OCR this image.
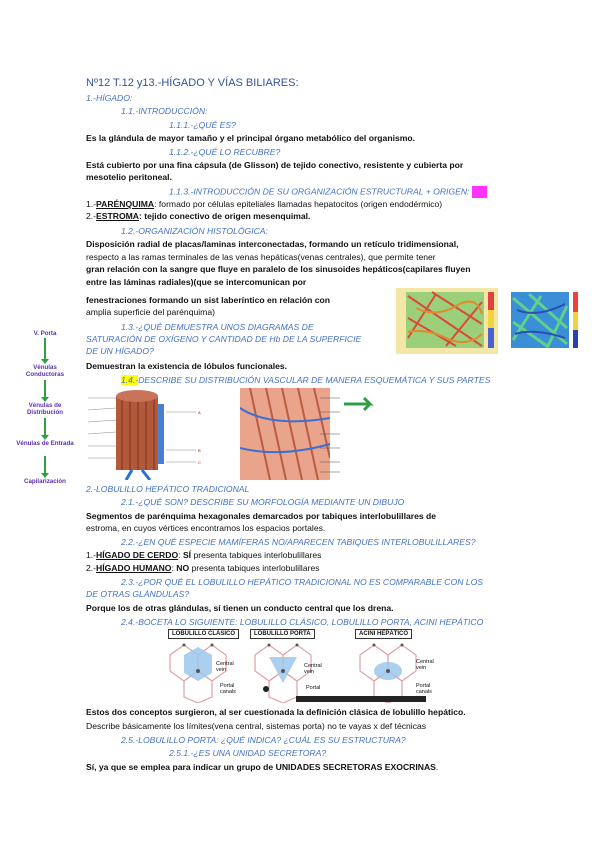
Nº12 T.12 y13.-HÍGADO Y VÍAS BILIARES:
1.-HÍGADO:
1.1.-INTRODUCCIÓN:
1.1.1.-¿QUÉ ES?
Es la glándula de mayor tamaño y el principal órgano metabólico del organismo.
1.1.2.-¿QUÉ LO RECUBRE?
Está cubierto por una fina cápsula (de Glisson) de tejido conectivo, resistente y cubierta por
mesotelio peritoneal.
1.1.3.-INTRODUCCIÓN DE SU ORGANIZACIÓN ESTRUCTURAL + ORIGEN:
1.-PARÉNQUIMA: formado por células epiteliales llamadas hepatocitos (origen endodérmico)
2.-ESTROMA: tejido conectivo de origen mesenquimal.
1.2.-ORGANIZACIÓN HISTOLÓGICA:
Disposición radial de placas/laminas interconectadas, formando un retículo tridimensional,
respecto a las ramas terminales de las venas hepáticas(venas centrales), que permite tener
gran relación con la sangre que fluye en paralelo de los sinusoides hepáticos(capilares fluyen
entre las láminas radiales)(que se intercomunican por
fenestraciones formando un sist laberíntico en relación con
amplia superficie del parénquima)
1.3.-¿QUÉ DEMUESTRA UNOS DIAGRAMAS DE
SATURACIÓN DE OXÍGENO Y CANTIDAD DE Hb DE LA SUPERFICIE
DE UN HÍGADO?
Demuestran la existencia de lóbulos funcionales.
1.4.-DESCRIBE SU DISTRIBUCIÓN VASCULAR DE MANERA ESQUEMÁTICA Y SUS PARTES
V. Porta
Vénulas Conductoras
Vénulas de Distribución
Vénulas de Entrada
Capilarización
A
B
C
2.-LOBULILLO HEPÁTICO TRADICIONAL
2.1.-¿QUÉ SON? DESCRIBE SU MORFOLOGÍA MEDIANTE UN DIBUJO
Segmentos de parénquima hexagonales demarcados por tabiques interlobulillares de
estroma, en cuyos vértices encontramos los espacios portales.
2.2.-¿EN QUÉ ESPECIE MAMÍFERAS NO/APARECEN TABIQUES INTERLOBULILLARES?
1.-HÍGADO DE CERDO: SÍ presenta tabiques interlobulillares
2.-HÍGADO HUMANO: NO presenta tabiques interlobulillares
2.3.-¿POR QUÉ EL LOBULILLO HEPÁTICO TRADICIONAL NO ES COMPARABLE CON LOS
DE OTRAS GLÁNDULAS?
Porque los de otras glándulas, sí tienen un conducto central que los drena.
2.4.-BOCETA LO SIGUIENTE: LOBULILLO CLÁSICO, LOBULILLO PORTA, ACINI HEPÁTICO
LOBULILLO CLÁSICO	LOBULILLO PORTA	ACINI HEPÁTICO
Central vein
Central vein
Central vein
Portal canals
Portal	Portal canals
Estos dos conceptos surgieron, al ser cuestionada la definición clásica de lobulillo hepático.
Describe básicamente los límites(vena central, sistemas porta) no te vayas x def técnicas
2.5.-LOBULILLO PORTA: ¿QUÉ INDICA? ¿CUÁL ES SU ESTRUCTURA?
2.5.1.-¿ES UNA UNIDAD SECRETORA?
Sí, ya que se emplea para indicar un grupo de UNIDADES SECRETORAS EXOCRINAS.
